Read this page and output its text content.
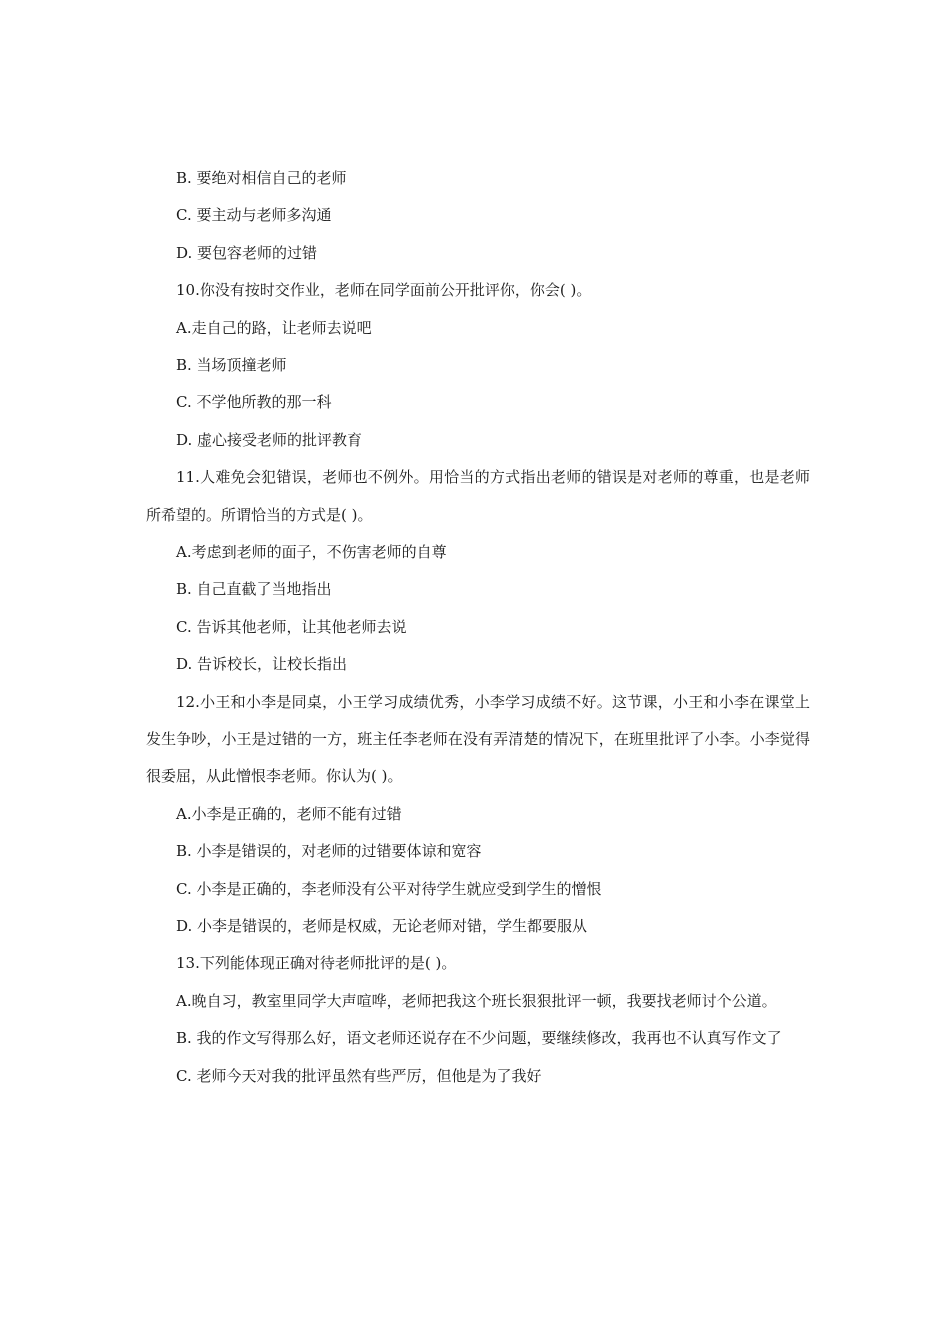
B. 要绝对相信自己的老师
C. 要主动与老师多沟通
D. 要包容老师的过错
10.你没有按时交作业，老师在同学面前公开批评你，你会( )。
A.走自己的路，让老师去说吧
B. 当场顶撞老师
C. 不学他所教的那一科
D. 虚心接受老师的批评教育
11.人难免会犯错误，老师也不例外。用恰当的方式指出老师的错误是对老师的尊重，也是老师所希望的。所谓恰当的方式是( )。
A.考虑到老师的面子，不伤害老师的自尊
B. 自己直截了当地指出
C. 告诉其他老师，让其他老师去说
D. 告诉校长，让校长指出
12.小王和小李是同桌，小王学习成绩优秀，小李学习成绩不好。这节课，小王和小李在课堂上发生争吵，小王是过错的一方，班主任李老师在没有弄清楚的情况下，在班里批评了小李。小李觉得很委屈，从此憎恨李老师。你认为( )。
A.小李是正确的，老师不能有过错
B. 小李是错误的，对老师的过错要体谅和宽容
C. 小李是正确的，李老师没有公平对待学生就应受到学生的憎恨
D. 小李是错误的，老师是权威，无论老师对错，学生都要服从
13.下列能体现正确对待老师批评的是( )。
A.晚自习，教室里同学大声喧哗，老师把我这个班长狠狠批评一顿，我要找老师讨个公道。
B. 我的作文写得那么好，语文老师还说存在不少问题，要继续修改，我再也不认真写作文了
C. 老师今天对我的批评虽然有些严厉，但他是为了我好
